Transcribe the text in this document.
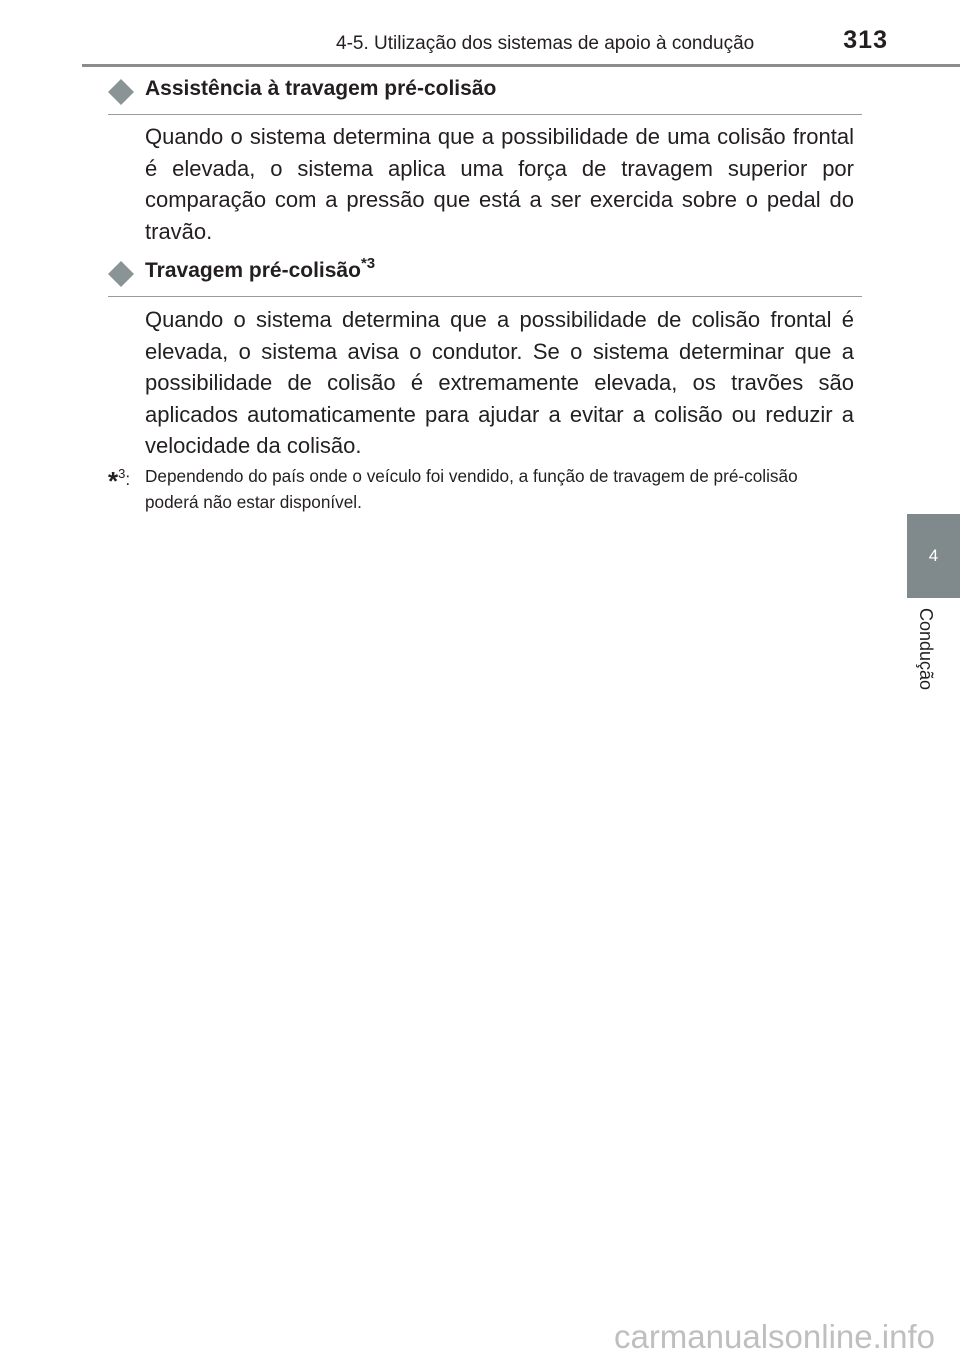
4-5. Utilização dos sistemas de apoio à condução	313
Assistência à travagem pré-colisão

Quando o sistema determina que a possibilidade de uma colisão frontal é elevada, o sistema aplica uma força de travagem superior por comparação com a pressão que está a ser exercida sobre o pedal do travão.

Travagem pré-colisão$^{*3}$

Quando o sistema determina que a possibilidade de colisão frontal é elevada, o sistema avisa o condutor. Se o sistema determinar que a possibilidade de colisão é extremamente elevada, os travões são aplicados automaticamente para ajudar a evitar a colisão ou reduzir a velocidade da colisão.

*$^3$: Dependendo do país onde o veículo foi vendido, a função de travagem de pré-colisão poderá não estar disponível.
4
Condução
carmanualsonline.info
